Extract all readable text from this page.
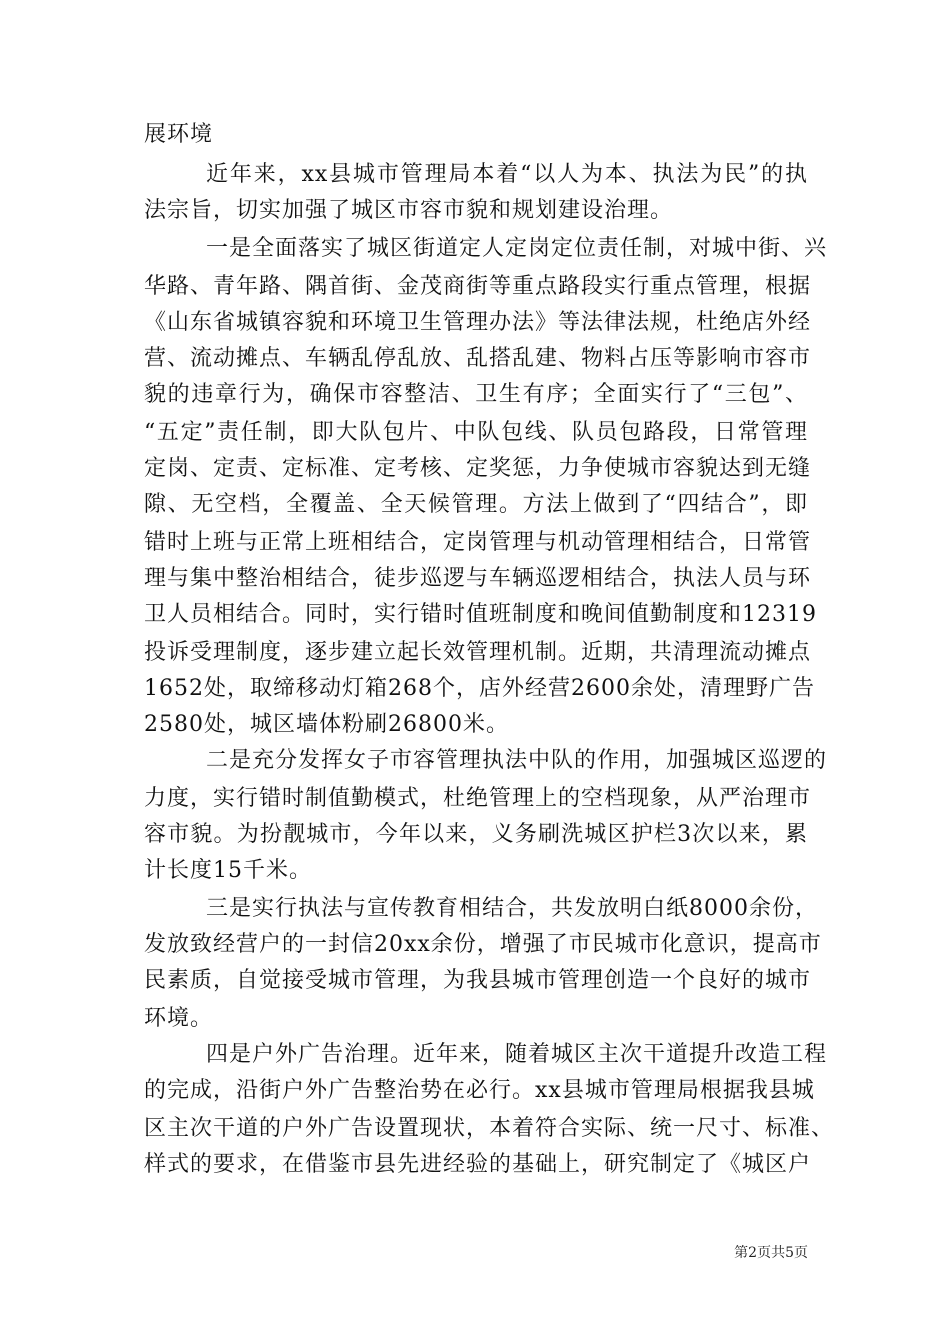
展环境
近年来，xx县城市管理局本着“以人为本、执法为民”的执
法宗旨，切实加强了城区市容市貌和规划建设治理。
一是全面落实了城区街道定人定岗定位责任制，对城中街、兴
华路、青年路、隅首街、金茂商街等重点路段实行重点管理，根据
《山东省城镇容貌和环境卫生管理办法》等法律法规，杜绝店外经
营、流动摊点、车辆乱停乱放、乱搭乱建、物料占压等影响市容市
貌的违章行为，确保市容整洁、卫生有序；全面实行了“三包”、
“五定”责任制，即大队包片、中队包线、队员包路段，日常管理
定岗、定责、定标准、定考核、定奖惩，力争使城市容貌达到无缝
隙、无空档，全覆盖、全天候管理。方法上做到了“四结合”，即
错时上班与正常上班相结合，定岗管理与机动管理相结合，日常管
理与集中整治相结合，徒步巡逻与车辆巡逻相结合，执法人员与环
卫人员相结合。同时，实行错时值班制度和晚间值勤制度和12319
投诉受理制度，逐步建立起长效管理机制。近期，共清理流动摊点
1652处，取缔移动灯箱268个，店外经营2600余处，清理野广告
2580处，城区墙体粉刷26800米。
二是充分发挥女子市容管理执法中队的作用，加强城区巡逻的
力度，实行错时制值勤模式，杜绝管理上的空档现象，从严治理市
容市貌。为扮靓城市，今年以来，义务刷洗城区护栏3次以来，累
计长度15千米。
三是实行执法与宣传教育相结合，共发放明白纸8000余份，
发放致经营户的一封信20xx余份，增强了市民城市化意识，提高市
民素质，自觉接受城市管理，为我县城市管理创造一个良好的城市
环境。
四是户外广告治理。近年来，随着城区主次干道提升改造工程
的完成，沿街户外广告整治势在必行。xx县城市管理局根据我县城
区主次干道的户外广告设置现状，本着符合实际、统一尺寸、标准、
样式的要求，在借鉴市县先进经验的基础上，研究制定了《城区户
第2页共5页
